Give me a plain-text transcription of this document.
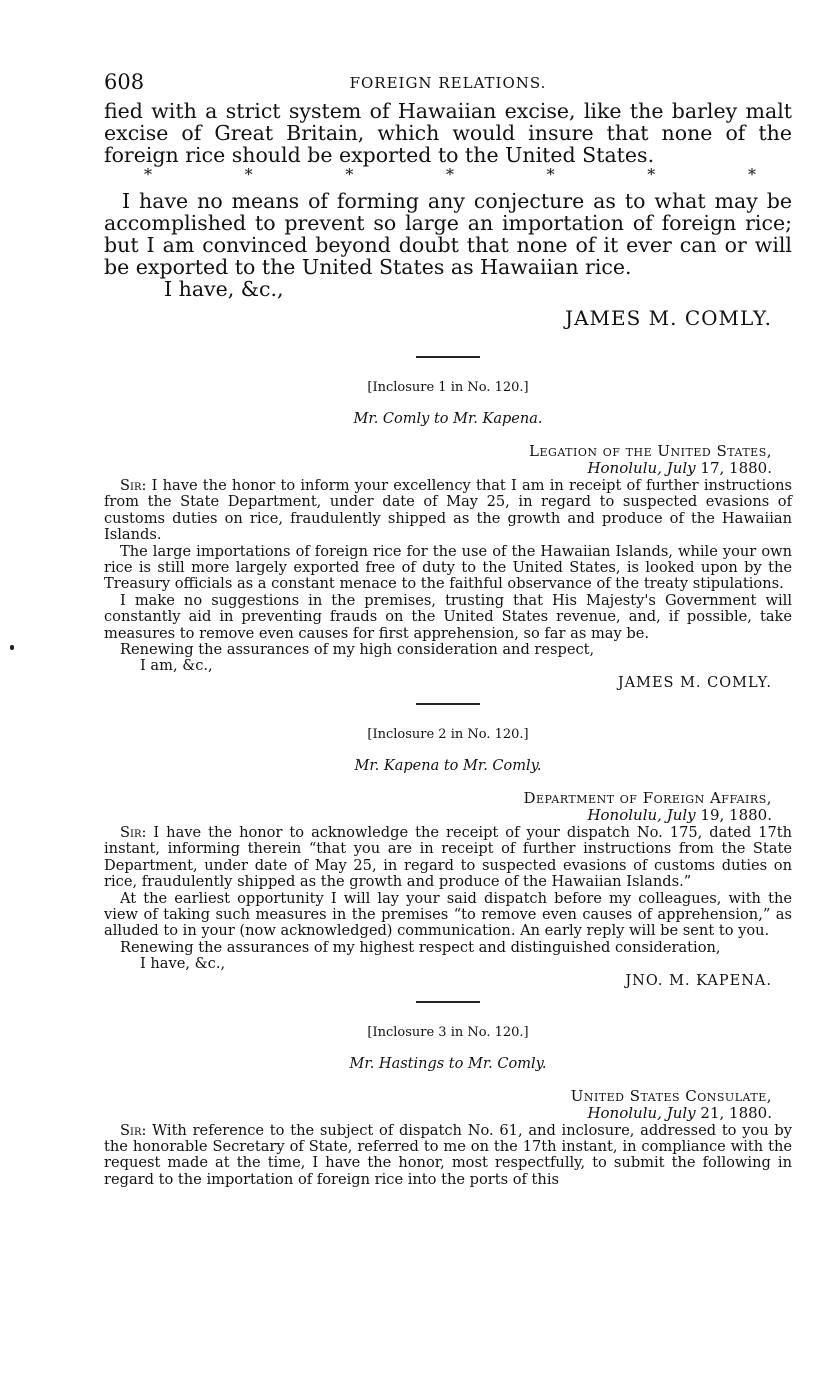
608	FOREIGN RELATIONS.

fied with a strict system of Hawaiian excise, like the barley malt excise of Great Britain, which would insure that none of the foreign rice should be exported to the United States.

*	*	*	*	*	*	*

I have no means of forming any conjecture as to what may be accomplished to prevent so large an importation of foreign rice; but I am convinced beyond doubt that none of it ever can or will be exported to the United States as Hawaiian rice.

I have, &c.,
JAMES M. COMLY.
[Inclosure 1 in No. 120.]
Mr. Comly to Mr. Kapena.
Legation of the United States,
Honolulu, July 17, 1880.

Sir: I have the honor to inform your excellency that I am in receipt of further instructions from the State Department, under date of May 25, in regard to suspected evasions of customs duties on rice, fraudulently shipped as the growth and produce of the Hawaiian Islands.

The large importations of foreign rice for the use of the Hawaiian Islands, while your own rice is still more largely exported free of duty to the United States, is looked upon by the Treasury officials as a constant menace to the faithful observance of the treaty stipulations.

I make no suggestions in the premises, trusting that His Majesty's Government will constantly aid in preventing frauds on the United States revenue, and, if possible, take measures to remove even causes for first apprehension, so far as may be.

Renewing the assurances of my high consideration and respect,

I am, &c.,
JAMES M. COMLY.
[Inclosure 2 in No. 120.]
Mr. Kapena to Mr. Comly.
Department of Foreign Affairs,
Honolulu, July 19, 1880.

Sir: I have the honor to acknowledge the receipt of your dispatch No. 175, dated 17th instant, informing therein “that you are in receipt of further instructions from the State Department, under date of May 25, in regard to suspected evasions of customs duties on rice, fraudulently shipped as the growth and produce of the Hawaiian Islands.”

At the earliest opportunity I will lay your said dispatch before my colleagues, with the view of taking such measures in the premises “to remove even causes of apprehension,” as alluded to in your (now acknowledged) communication. An early reply will be sent to you.

Renewing the assurances of my highest respect and distinguished consideration,

I have, &c.,
JNO. M. KAPENA.
[Inclosure 3 in No. 120.]
Mr. Hastings to Mr. Comly.
United States Consulate,
Honolulu, July 21, 1880.

Sir: With reference to the subject of dispatch No. 61, and inclosure, addressed to you by the honorable Secretary of State, referred to me on the 17th instant, in compliance with the request made at the time, I have the honor, most respectfully, to submit the following in regard to the importation of foreign rice into the ports of this
